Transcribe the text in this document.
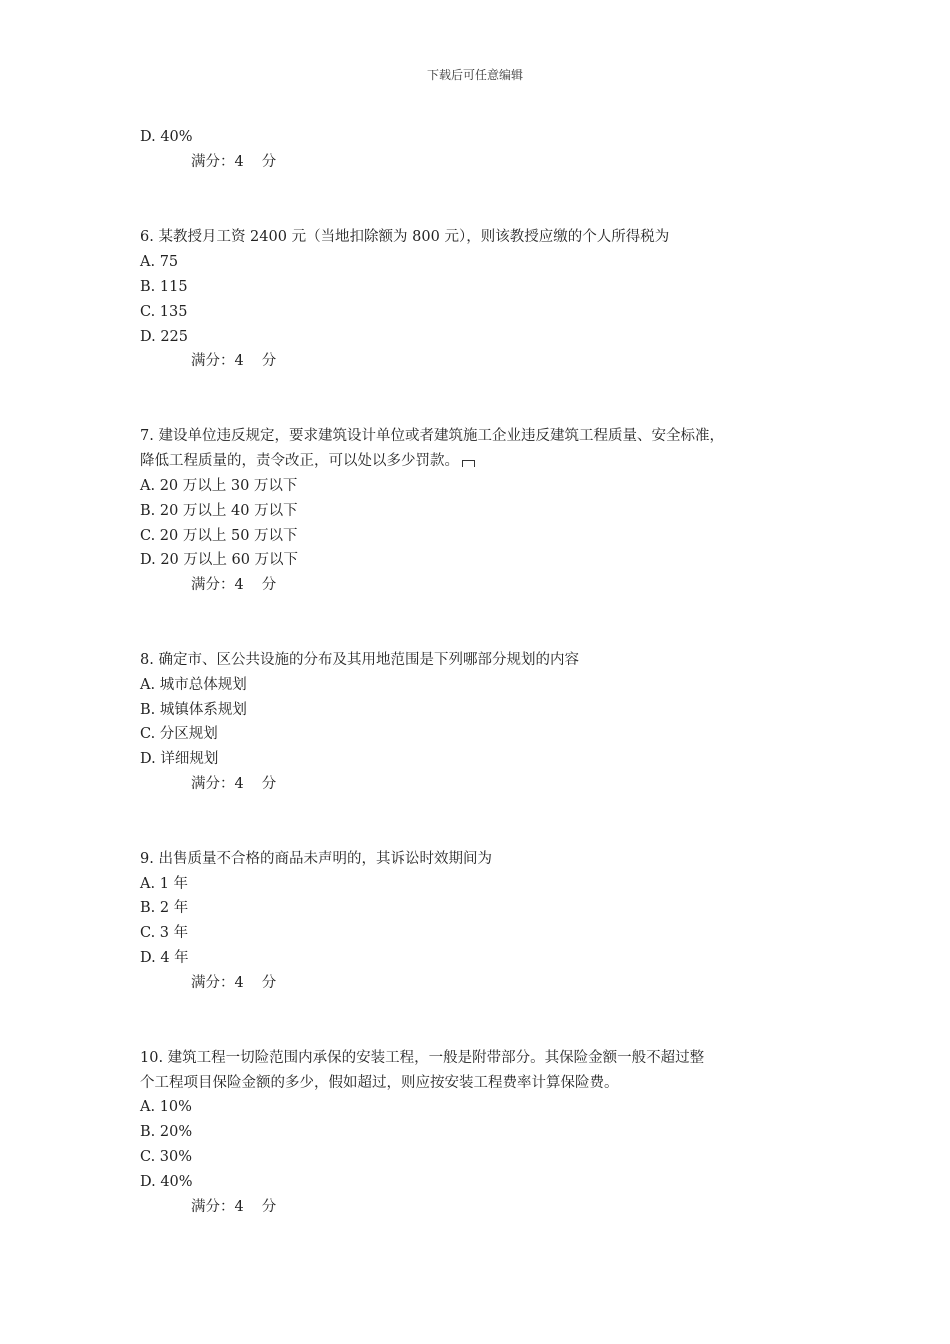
下载后可任意编辑
D. 40%
满分：4 分
6. 某教授月工资 2400 元（当地扣除额为 800 元），则该教授应缴的个人所得税为
A. 75
B. 115
C. 135
D. 225
满分：4 分
7. 建设单位违反规定，要求建筑设计单位或者建筑施工企业违反建筑工程质量、安全标准，
降低工程质量的，责令改正，可以处以多少罚款。
A. 20 万以上 30 万以下
B. 20 万以上 40 万以下
C. 20 万以上 50 万以下
D. 20 万以上 60 万以下
满分：4 分
8. 确定市、区公共设施的分布及其用地范围是下列哪部分规划的内容
A. 城市总体规划
B. 城镇体系规划
C. 分区规划
D. 详细规划
满分：4 分
9. 出售质量不合格的商品未声明的，其诉讼时效期间为
A. 1 年
B. 2 年
C. 3 年
D. 4 年
满分：4 分
10. 建筑工程一切险范围内承保的安装工程，一般是附带部分。其保险金额一般不超过整
个工程项目保险金额的多少，假如超过，则应按安装工程费率计算保险费。
A. 10%
B. 20%
C. 30%
D. 40%
满分：4 分
